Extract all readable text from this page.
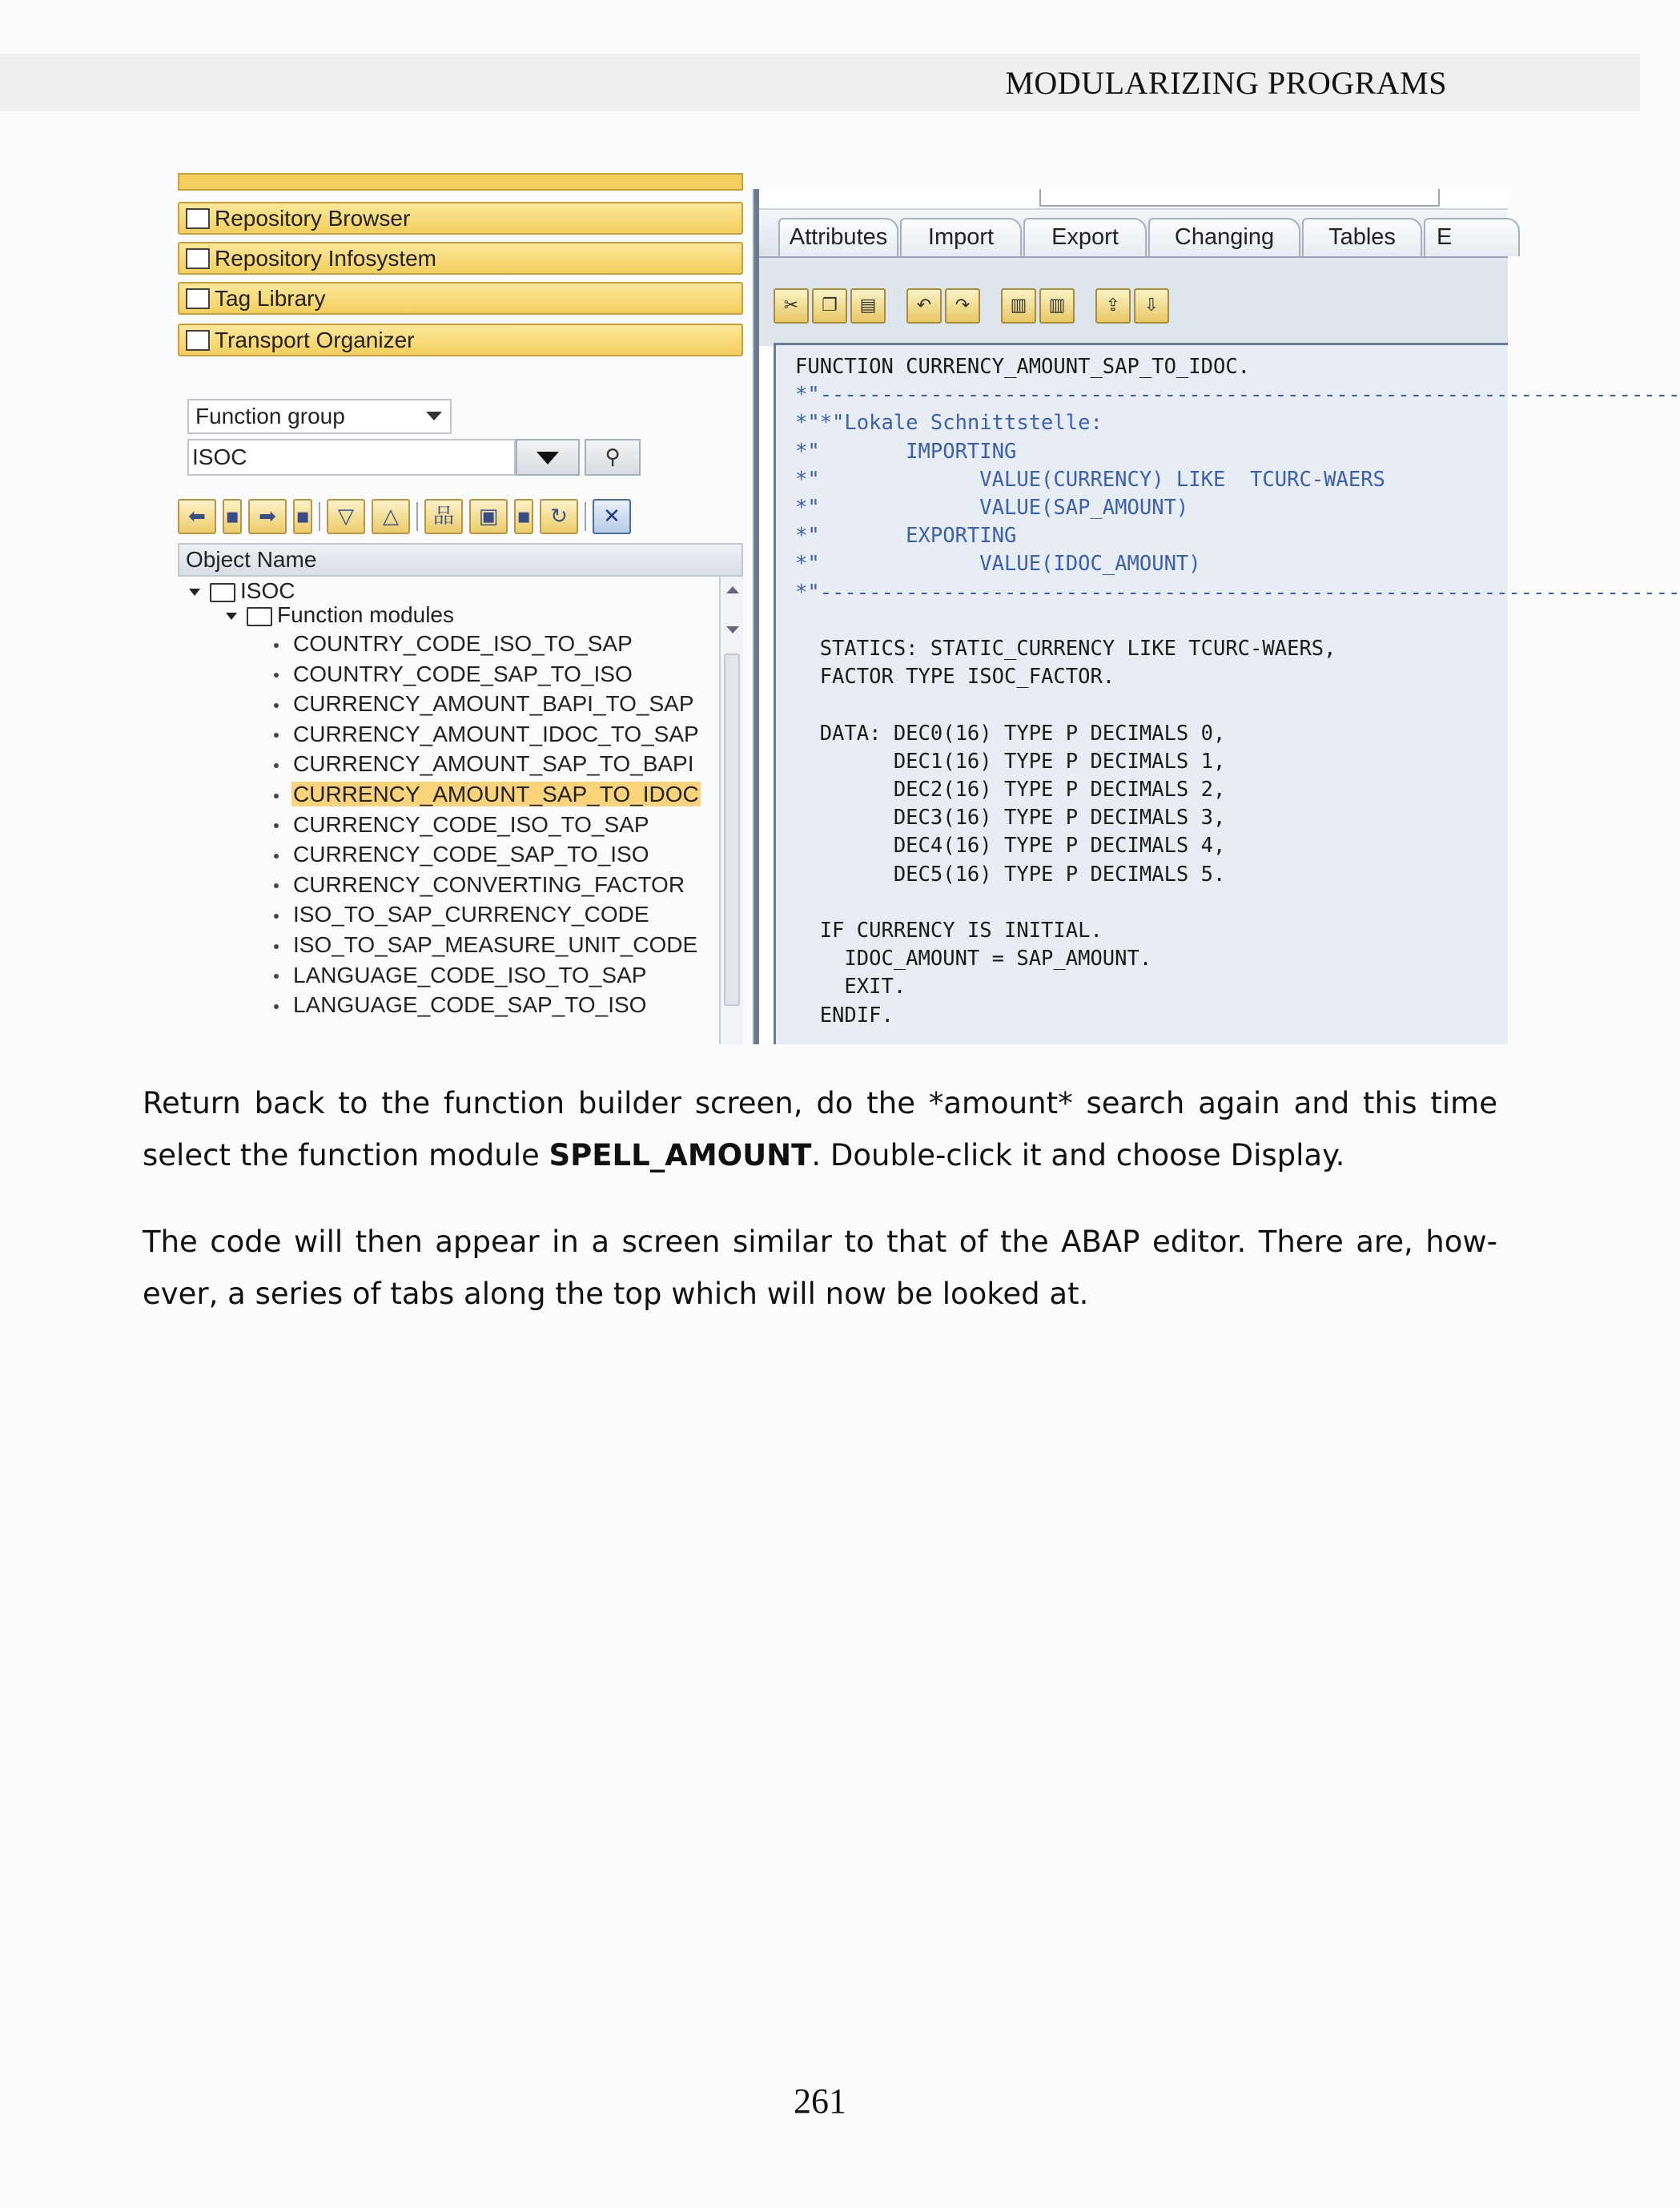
MODULARIZING PROGRAMS
Repository Browser
Repository Infosystem
Tag Library
Transport Organizer
Function group
ISOC	⚲
⬅ ▪ ➡ ▪	▽	△	品	▣ ▪ ↻	✕
Object Name
ISOC
Function modules
COUNTRY_CODE_ISO_TO_SAP
COUNTRY_CODE_SAP_TO_ISO
CURRENCY_AMOUNT_BAPI_TO_SAP
CURRENCY_AMOUNT_IDOC_TO_SAP
CURRENCY_AMOUNT_SAP_TO_BAPI
CURRENCY_AMOUNT_SAP_TO_IDOC
CURRENCY_CODE_ISO_TO_SAP
CURRENCY_CODE_SAP_TO_ISO
CURRENCY_CONVERTING_FACTOR
ISO_TO_SAP_CURRENCY_CODE
ISO_TO_SAP_MEASURE_UNIT_CODE
LANGUAGE_CODE_ISO_TO_SAP
LANGUAGE_CODE_SAP_TO_ISO
Attributes	Import	Export	Changing	Tables	E
✂	❐	▤	↶	↷	▥	▥	⇪	⇩
FUNCTION CURRENCY_AMOUNT_SAP_TO_IDOC.
*"----------------------------------------------------------------------
*"*"Lokale Schnittstelle:
*"       IMPORTING
*"             VALUE(CURRENCY) LIKE  TCURC-WAERS
*"             VALUE(SAP_AMOUNT)
*"       EXPORTING
*"             VALUE(IDOC_AMOUNT)
*"----------------------------------------------------------------------

STATICS: STATIC_CURRENCY LIKE TCURC-WAERS,
FACTOR TYPE ISOC_FACTOR.

DATA: DEC0(16) TYPE P DECIMALS 0,
DEC1(16) TYPE P DECIMALS 1,
DEC2(16) TYPE P DECIMALS 2,
DEC3(16) TYPE P DECIMALS 3,
DEC4(16) TYPE P DECIMALS 4,
DEC5(16) TYPE P DECIMALS 5.

IF CURRENCY IS INITIAL.
IDOC_AMOUNT = SAP_AMOUNT.
EXIT.
ENDIF.

Return back to the function builder screen, do the *amount* search again and this time select the function module SPELL_AMOUNT. Double-click it and choose Display.
The code will then appear in a screen similar to that of the ABAP editor. There are, how-ever, a series of tabs along the top which will now be looked at.
261
